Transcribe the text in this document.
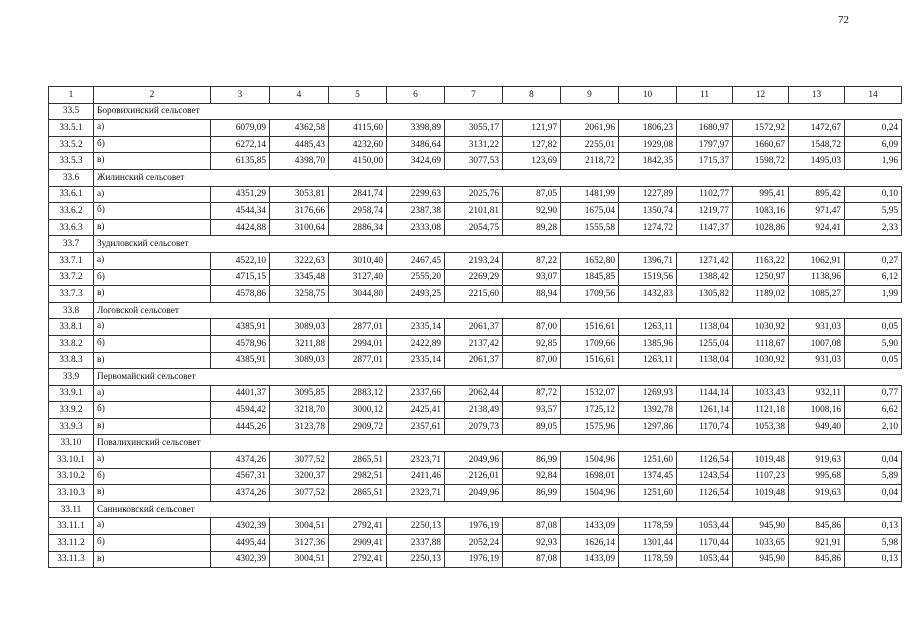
72
1	2	3	4	5	6	7	8	9	10	11	12	13	14
33.5	Боровихинский сельсовет												
33.5.1	а)	6079,09	4362,58	4115,60	3398,89	3055,17	121,97	2061,96	1806,23	1680,97	1572,92	1472,67	0,24
33.5.2	б)	6272,14	4485,43	4232,60	3486,64	3131,22	127,82	2255,01	1929,08	1797,97	1660,67	1548,72	6,09
33.5.3	в)	6135,85	4398,70	4150,00	3424,69	3077,53	123,69	2118,72	1842,35	1715,37	1598,72	1495,03	1,96
33.6	Жилинский сельсовет												
33.6.1	а)	4351,29	3053,81	2841,74	2299,63	2025,76	87,05	1481,99	1227,89	1102,77	995,41	895,42	0,10
33.6.2	б)	4544,34	3176,66	2958,74	2387,38	2101,81	92,90	1675,04	1350,74	1219,77	1083,16	971,47	5,95
33.6.3	в)	4424,88	3100,64	2886,34	2333,08	2054,75	89,28	1555,58	1274,72	1147,37	1028,86	924,41	2,33
33.7	Зудиловский сельсовет												
33.7.1	а)	4522,10	3222,63	3010,40	2467,45	2193,24	87,22	1652,80	1396,71	1271,42	1163,22	1062,91	0,27
33.7.2	б)	4715,15	3345,48	3127,40	2555,20	2269,29	93,07	1845,85	1519,56	1388,42	1250,97	1138,96	6,12
33.7.3	в)	4578,86	3258,75	3044,80	2493,25	2215,60	88,94	1709,56	1432,83	1305,82	1189,02	1085,27	1,99
33.8	Логовской сельсовет												
33.8.1	а)	4385,91	3089,03	2877,01	2335,14	2061,37	87,00	1516,61	1263,11	1138,04	1030,92	931,03	0,05
33.8.2	б)	4578,96	3211,88	2994,01	2422,89	2137,42	92,85	1709,66	1385,96	1255,04	1118,67	1007,08	5,90
33.8.3	в)	4385,91	3089,03	2877,01	2335,14	2061,37	87,00	1516,61	1263,11	1138,04	1030,92	931,03	0,05
33.9	Первомайский сельсовет												
33.9.1	а)	4401,37	3095,85	2883,12	2337,66	2062,44	87,72	1532,07	1269,93	1144,14	1033,43	932,11	0,77
33.9.2	б)	4594,42	3218,70	3000,12	2425,41	2138,49	93,57	1725,12	1392,78	1261,14	1121,18	1008,16	6,62
33.9.3	в)	4445,26	3123,78	2909,72	2357,61	2079,73	89,05	1575,96	1297,86	1170,74	1053,38	949,40	2,10
33.10	Повалихинский сельсовет												
33.10.1	а)	4374,26	3077,52	2865,51	2323,71	2049,96	86,99	1504,96	1251,60	1126,54	1019,48	919,63	0,04
33.10.2	б)	4567,31	3200,37	2982,51	2411,46	2126,01	92,84	1698,01	1374,45	1243,54	1107,23	995,68	5,89
33.10.3	в)	4374,26	3077,52	2865,51	2323,71	2049,96	86,99	1504,96	1251,60	1126,54	1019,48	919,63	0,04
33.11	Санниковский сельсовет												
33.11.1	а)	4302,39	3004,51	2792,41	2250,13	1976,19	87,08	1433,09	1178,59	1053,44	945,90	845,86	0,13
33.11.2	б)	4495,44	3127,36	2909,41	2337,88	2052,24	92,93	1626,14	1301,44	1170,44	1033,65	921,91	5,98
33.11.3	в)	4302,39	3004,51	2792,41	2250,13	1976,19	87,08	1433,09	1178,59	1053,44	945,90	845,86	0,13
